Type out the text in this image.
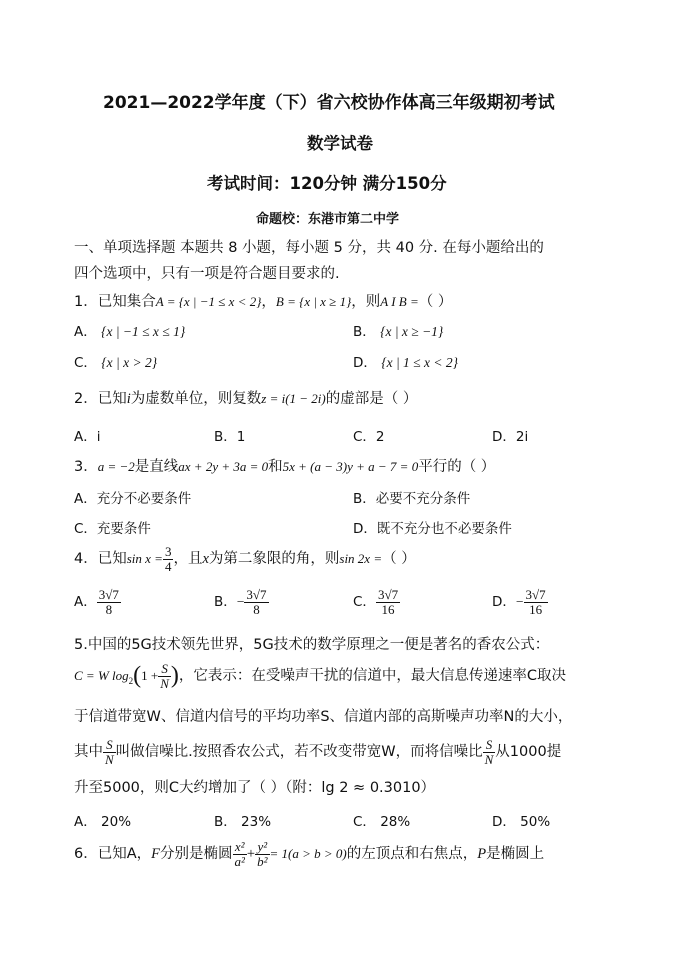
2021—2022学年度（下）省六校协作体高三年级期初考试
数学试卷
考试时间：120分钟 满分150分
命题校：东港市第二中学
一、单项选择题 本题共 8 小题，每小题 5 分，共 40 分. 在每小题给出的
四个选项中，只有一项是符合题目要求的.
1．已知集合A = {x | −1 ≤ x < 2}，B = {x | x ≥ 1}，则A I B =（ ）
A． {x | −1 ≤ x ≤ 1}	B． {x | x ≥ −1}
C． {x | x > 2}	D． {x | 1 ≤ x < 2}
2．已知i为虚数单位，则复数z = i(1 − 2i)的虚部是（ ）
A．i	B．1	C．2	D．2i
3．a = −2是直线ax + 2y + 3a = 0和5x + (a − 3)y + a − 7 = 0平行的（ ）
A．充分不必要条件	B．必要不充分条件
C．充要条件	D．既不充分也不必要条件
4．已知$\sin x = \frac{3}{4}$ ，且x为第二象限的角，则sin 2x =（ ）
A． $\frac{3√7}{8}$	B．− $\frac{3√7}{8}$	C． $\frac{3√7}{16}$	D．− $\frac{3√7}{16}$
5.中国的5G技术领先世界，5G技术的数学原理之一便是著名的香农公式：
C = W $\log_2(1 + \frac{S}{N}$ )，它表示：在受噪声干扰的信道中，最大信息传递速率C取决
于信道带宽W、信道内信号的平均功率S、信道内部的高斯噪声功率N的大小，
其中 $\frac{S}{N}$ 叫做信噪比.按照香农公式，若不改变带宽W，而将信噪比 $\frac{S}{N}$ 从1000提
升至5000，则C大约增加了（ ）（附：lg 2 ≈ 0.3010）
A． 20%	B． 23%	C． 28%	D． 50%
6．已知A，F分别是椭圆 $\frac{\text{x²}}{\text{a²}} + \frac{\text{y²}}{\text{b²}} = 1(a > b > 0)$的左顶点和右焦点，P是椭圆上
